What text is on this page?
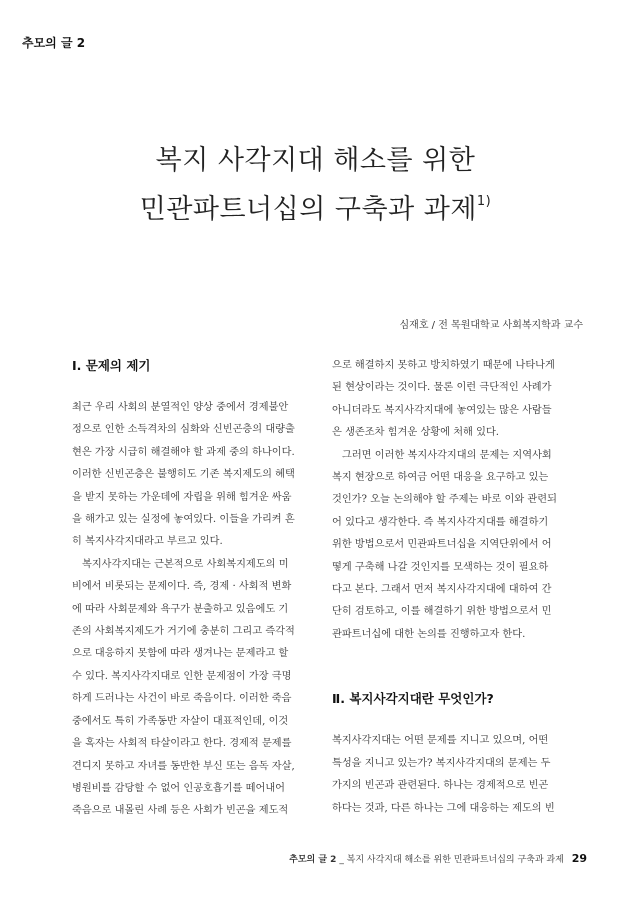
추모의 글 2
복지 사각지대 해소를 위한
민관파트너십의 구축과 과제$^{1)}$
심재호 / 전 목원대학교 사회복지학과 교수
Ⅰ. 문제의 제기

최근 우리 사회의 분열적인 양상 중에서 경제불안
정으로 인한 소득격차의 심화와 신빈곤층의 대량출
현은 가장 시급히 해결해야 할 과제 중의 하나이다.
이러한 신빈곤층은 불행히도 기존 복지제도의 혜택
을 받지 못하는 가운데에 자립을 위해 힘겨운 싸움
을 해가고 있는 실정에 놓여있다. 이들을 가리켜 흔
히 복지사각지대라고 부르고 있다.

복지사각지대는 근본적으로 사회복지제도의 미
비에서 비롯되는 문제이다. 즉, 경제 · 사회적 변화
에 따라 사회문제와 욕구가 분출하고 있음에도 기
존의 사회복지제도가 거기에 충분히 그리고 즉각적
으로 대응하지 못함에 따라 생겨나는 문제라고 할
수 있다. 복지사각지대로 인한 문제점이 가장 극명
하게 드러나는 사건이 바로 죽음이다. 이러한 죽음
중에서도 특히 가족동반 자살이 대표적인데, 이것
을 혹자는 사회적 타살이라고 한다. 경제적 문제를
견디지 못하고 자녀를 동반한 부신 또는 음독 자살,
병원비를 감당할 수 없어 인공호흡기를 떼어내어
죽음으로 내몰린 사례 등은 사회가 빈곤을 제도적

으로 해결하지 못하고 방치하였기 때문에 나타나게
된 현상이라는 것이다. 물론 이런 극단적인 사례가
아니더라도 복지사각지대에 놓여있는 많은 사람들
은 생존조차 힘겨운 상황에 처해 있다.

그러면 이러한 복지사각지대의 문제는 지역사회
복지 현장으로 하여금 어떤 대응을 요구하고 있는
것인가? 오늘 논의해야 할 주제는 바로 이와 관련되
어 있다고 생각한다. 즉 복지사각지대를 해결하기
위한 방법으로서 민관파트너십을 지역단위에서 어
떻게 구축해 나갈 것인지를 모색하는 것이 필요하
다고 본다. 그래서 먼저 복지사각지대에 대하여 간
단히 검토하고, 이를 해결하기 위한 방법으로서 민
관파트너십에 대한 논의를 진행하고자 한다.

Ⅱ. 복지사각지대란 무엇인가?

복지사각지대는 어떤 문제를 지니고 있으며, 어떤
특성을 지니고 있는가? 복지사각지대의 문제는 두
가지의 빈곤과 관련된다. 하나는 경제적으로 빈곤
하다는 것과, 다른 하나는 그에 대응하는 제도의 빈

추모의 글 2 _ 복지 사각지대 해소를 위한 민관파트너십의 구축과 과제 29
